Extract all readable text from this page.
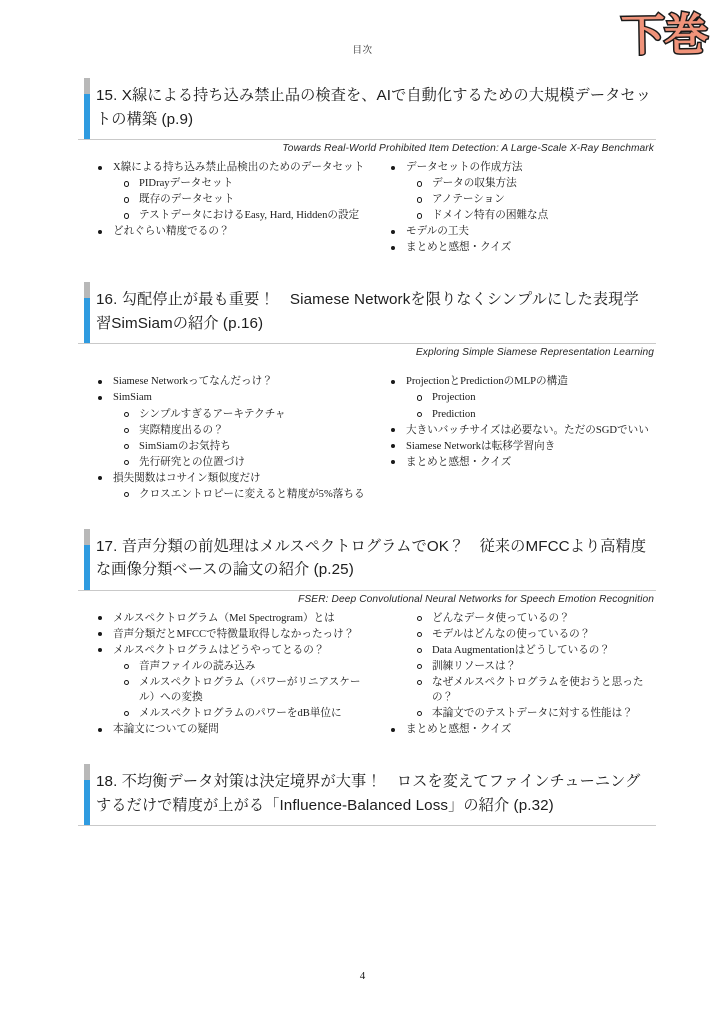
目次	下巻
15. X線による持ち込み禁止品の検査を、AIで自動化するための大規模データセットの構築 (p.9)
Towards Real-World Prohibited Item Detection: A Large-Scale X-Ray Benchmark
X線による持ち込み禁止品検出のためのデータセット
PIDrayデータセット
既存のデータセット
テストデータにおけるEasy, Hard, Hiddenの設定
どれぐらい精度でるの？
データセットの作成方法
データの収集方法
アノテーション
ドメイン特有の困難な点
モデルの工夫
まとめと感想・クイズ
16. 勾配停止が最も重要！　Siamese Networkを限りなくシンプルにした表現学習SimSiamの紹介 (p.16)
Exploring Simple Siamese Representation Learning
Siamese Networkってなんだっけ？
SimSiam
シンプルすぎるアーキテクチャ
実際精度出るの？
SimSiamのお気持ち
先行研究との位置づけ
損失関数はコサイン類似度だけ
クロスエントロピーに変えると精度が5%落ちる
ProjectionとPredictionのMLPの構造
Projection
Prediction
大きいバッチサイズは必要ない。ただのSGDでいい
Siamese Networkは転移学習向き
まとめと感想・クイズ
17. 音声分類の前処理はメルスペクトログラムでOK？　従来のMFCCより高精度な画像分類ベースの論文の紹介 (p.25)
FSER: Deep Convolutional Neural Networks for Speech Emotion Recognition
メルスペクトログラム（Mel Spectrogram）とは
音声分類だとMFCCで特徴量取得しなかったっけ？
メルスペクトログラムはどうやってとるの？
音声ファイルの読み込み
メルスペクトログラム（パワーがリニアスケール）への変換
メルスペクトログラムのパワーをdB単位に
本論文についての疑問
どんなデータ使っているの？
モデルはどんなの使っているの？
Data Augmentationはどうしているの？
訓練リソースは？
なぜメルスペクトログラムを使おうと思ったの？
本論文でのテストデータに対する性能は？
まとめと感想・クイズ
18. 不均衡データ対策は決定境界が大事！　ロスを変えてファインチューニングするだけで精度が上がる「Influence-Balanced Loss」の紹介 (p.32)
4
